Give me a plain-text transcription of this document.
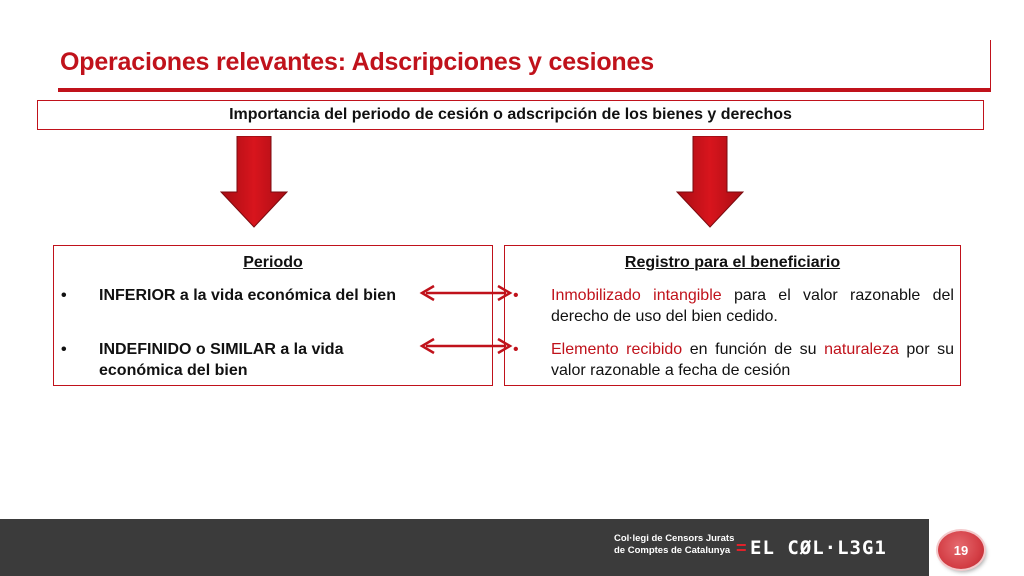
Operaciones relevantes: Adscripciones y cesiones
Importancia del periodo de cesión o adscripción de los bienes y derechos
Periodo
• INFERIOR a la vida económica del bien
• INDEFINIDO o SIMILAR a la vida económica del bien
Registro para el beneficiario
• Inmobilizado intangible para el valor razonable del derecho de uso del bien cedido.
• Elemento recibido en función de su naturaleza por su valor razonable a fecha de cesión
Col·legi de Censors Jurats
de Comptes de Catalunya = EL CØL·L3G1	19
